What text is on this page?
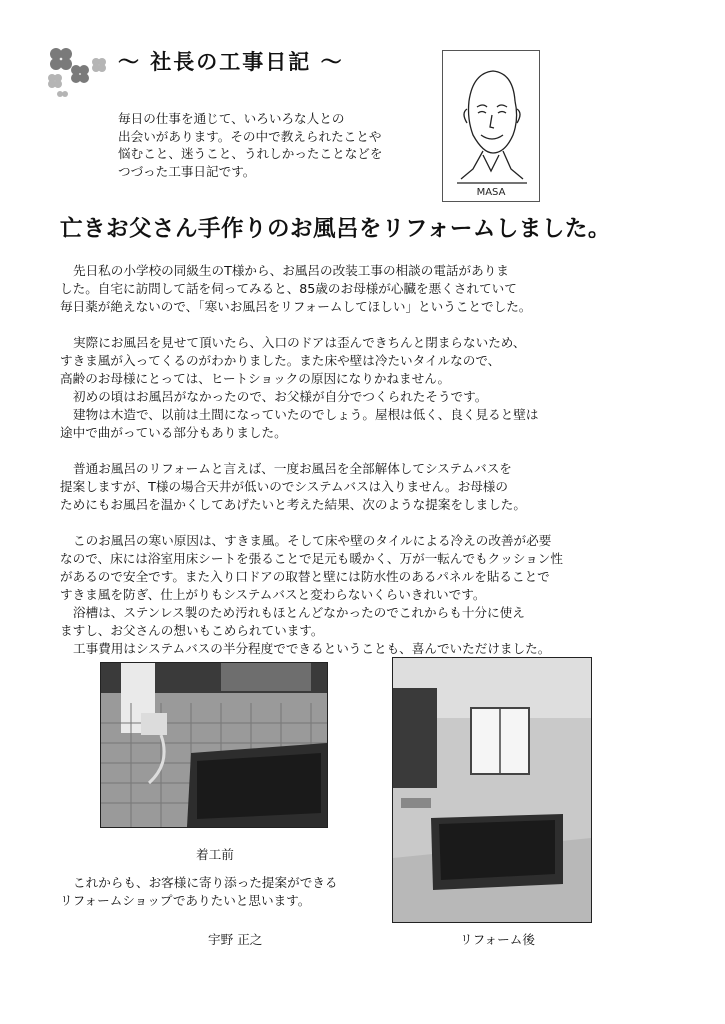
～ 社長の工事日記 ～

毎日の仕事を通じて、いろいろな人との

出会いがあります。その中で教えられたことや

悩むこと、迷うこと、うれしかったことなどを

つづった工事日記です。

MASA
亡きお父さん手作りのお風呂をリフォームしました。

先日私の小学校の同級生のT様から、お風呂の改装工事の相談の電話がありま

した。自宅に訪問して話を伺ってみると、85歳のお母様が心臓を悪くされていて

毎日薬が絶えないので、「寒いお風呂をリフォームしてほしい」ということでした。

実際にお風呂を見せて頂いたら、入口のドアは歪んできちんと閉まらないため、

すきま風が入ってくるのがわかりました。また床や壁は冷たいタイルなので、

高齢のお母様にとっては、ヒートショックの原因になりかねません。

初めの頃はお風呂がなかったので、お父様が自分でつくられたそうです。

建物は木造で、以前は土間になっていたのでしょう。屋根は低く、良く見ると壁は

途中で曲がっている部分もありました。

普通お風呂のリフォームと言えば、一度お風呂を全部解体してシステムバスを

提案しますが、T様の場合天井が低いのでシステムバスは入りません。お母様の

ためにもお風呂を温かくしてあげたいと考えた結果、次のような提案をしました。

このお風呂の寒い原因は、すきま風。そして床や壁のタイルによる冷えの改善が必要

なので、床には浴室用床シートを張ることで足元も暖かく、万が一転んでもクッション性

があるので安全です。また入り口ドアの取替と壁には防水性のあるパネルを貼ることで

すきま風を防ぎ、仕上がりもシステムバスと変わらないくらいきれいです。

浴槽は、ステンレス製のため汚れもほとんどなかったのでこれからも十分に使え

ますし、お父さんの想いもこめられています。

工事費用はシステムバスの半分程度でできるということも、喜んでいただけました。

着工前

これからも、お客様に寄り添った提案ができる

リフォームショップでありたいと思います。

宇野 正之	リフォーム後
